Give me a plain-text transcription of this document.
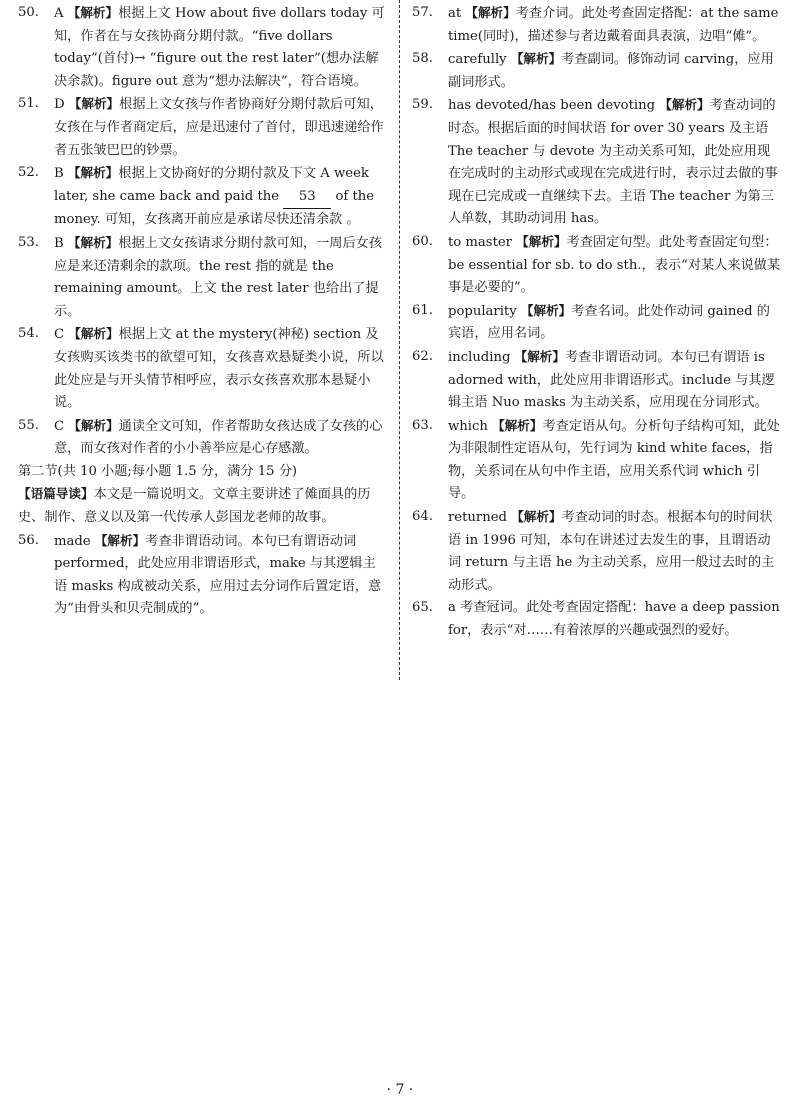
50. A 【解析】根据上文 How about five dollars today 可知，作者在与女孩协商分期付款。“five dollars today”(首付)→ “figure out the rest later”(想办法解决余款)。figure out 意为“想办法解决”，符合语境。
51. D 【解析】根据上文女孩与作者协商好分期付款后可知，女孩在与作者商定后，应是迅速付了首付，即迅速递给作者五张皱巴巴的钞票。
52. B 【解析】根据上文协商好的分期付款及下文 A week later, she came back and paid the 53 of the money. 可知，女孩离开前应是承诺尽快还清余款 。
53. B 【解析】根据上文女孩请求分期付款可知，一周后女孩应是来还清剩余的款项。the rest 指的就是 the remaining amount。上文 the rest later 也给出了提示。
54. C 【解析】根据上文 at the mystery(神秘) section 及女孩购买该类书的欲望可知，女孩喜欢悬疑类小说，所以此处应是与开头情节相呼应，表示女孩喜欢那本悬疑小说。
55. C 【解析】通读全文可知，作者帮助女孩达成了女孩的心意，而女孩对作者的小小善举应是心存感激。
第二节(共 10 小题;每小题 1.5 分，满分 15 分)
【语篇导读】本文是一篇说明文。文章主要讲述了傩面具的历史、制作、意义以及第一代传承人彭国龙老师的故事。
56. made 【解析】考查非谓语动词。本句已有谓语动词 performed，此处应用非谓语形式，make 与其逻辑主语 masks 构成被动关系，应用过去分词作后置定语，意为“由骨头和贝壳制成的”。
57. at 【解析】考查介词。此处考查固定搭配：at the same time(同时)，描述参与者边戴着面具表演，边唱“傩”。
58. carefully 【解析】考查副词。修饰动词 carving，应用副词形式。
59. has devoted/has been devoting 【解析】考查动词的时态。根据后面的时间状语 for over 30 years 及主语 The teacher 与 devote 为主动关系可知，此处应用现在完成时的主动形式或现在完成进行时，表示过去做的事现在已完成或一直继续下去。主语 The teacher 为第三人单数，其助动词用 has。
60. to master 【解析】考查固定句型。此处考查固定句型：be essential for sb. to do sth.，表示“对某人来说做某事是必要的”。
61. popularity 【解析】考查名词。此处作动词 gained 的宾语，应用名词。
62. including 【解析】考查非谓语动词。本句已有谓语 is adorned with，此处应用非谓语形式。include 与其逻辑主语 Nuo masks 为主动关系，应用现在分词形式。
63. which 【解析】考查定语从句。分析句子结构可知，此处为非限制性定语从句，先行词为 kind white faces，指物，关系词在从句中作主语，应用关系代词 which 引导。
64. returned 【解析】考查动词的时态。根据本句的时间状语 in 1996 可知，本句在讲述过去发生的事，且谓语动词 return 与主语 he 为主动关系，应用一般过去时的主动形式。
65. a 考查冠词。此处考查固定搭配：have a deep passion for，表示“对……有着浓厚的兴趣或强烈的爱好。
· 7 ·
